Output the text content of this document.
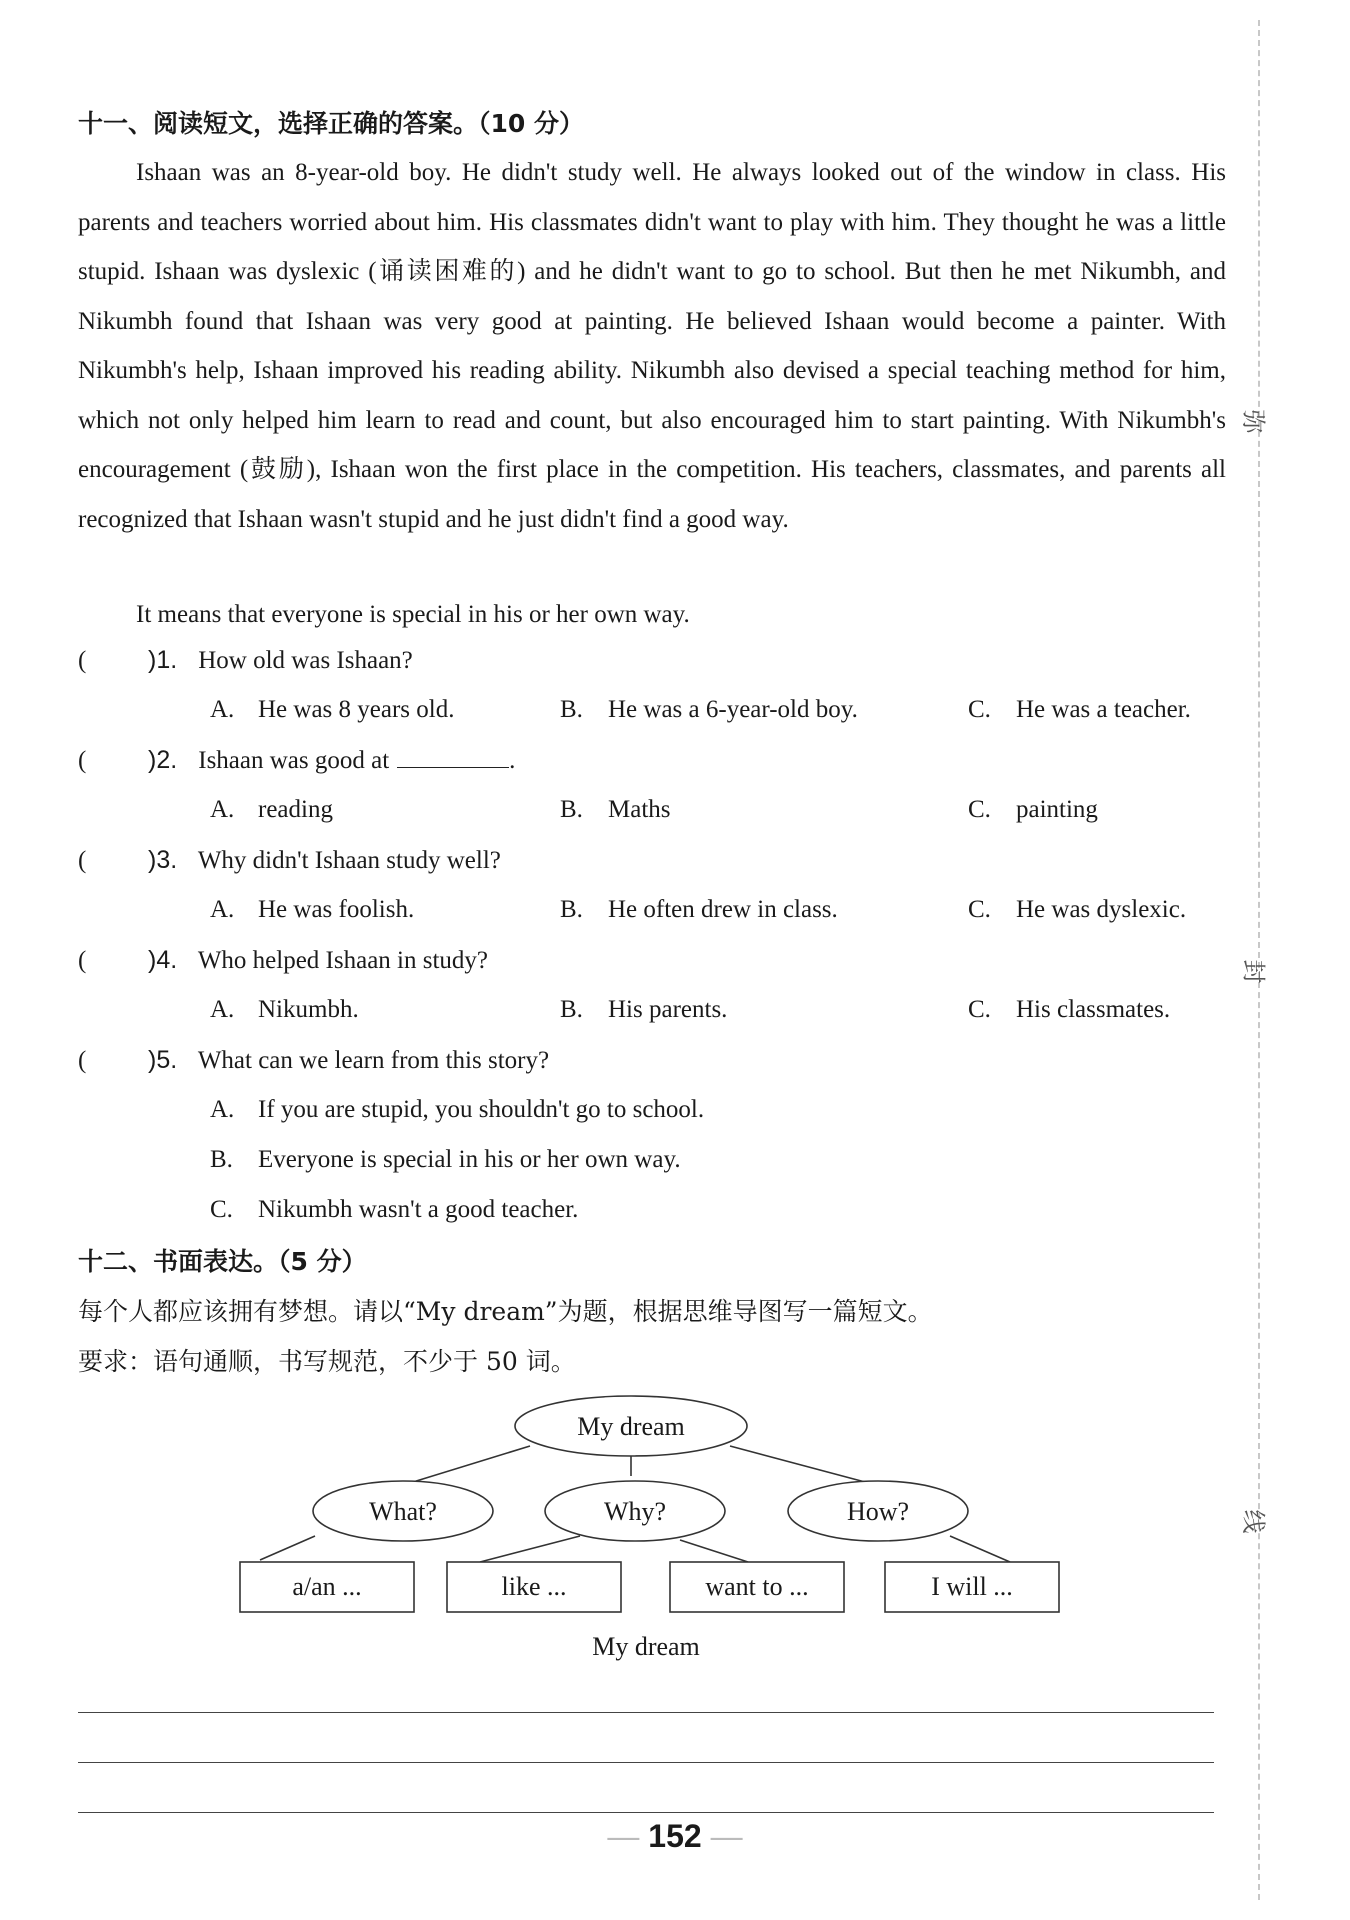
弥
封
线
十一、阅读短文，选择正确的答案。（10 分）

Ishaan was an 8-year-old boy. He didn't study well. He always looked out of the window in class. His parents and teachers worried about him. His classmates didn't want to play with him. They thought he was a little stupid. Ishaan was dyslexic (诵读困难的) and he didn't want to go to school. But then he met Nikumbh, and Nikumbh found that Ishaan was very good at painting. He believed Ishaan would become a painter. With Nikumbh's help, Ishaan improved his reading ability. Nikumbh also devised a special teaching method for him, which not only helped him learn to read and count, but also encouraged him to start painting. With Nikumbh's encouragement (鼓励), Ishaan won the first place in the competition. His teachers, classmates, and parents all recognized that Ishaan wasn't stupid and he just didn't find a good way.

It means that everyone is special in his or her own way.

( )1. How old was Ishaan?
A. He was 8 years old.	B. He was a 6-year-old boy.	C. He was a teacher.
( )2. Ishaan was good at	.
A. reading	B. Maths	C. painting
( )3. Why didn't Ishaan study well?
A. He was foolish.	B. He often drew in class.	C. He was dyslexic.
( )4. Who helped Ishaan in study?
A. Nikumbh.	B. His parents.	C. His classmates.
( )5. What can we learn from this story?
A. If you are stupid, you shouldn't go to school.
B. Everyone is special in his or her own way.
C. Nikumbh wasn't a good teacher.
十二、书面表达。（5 分）
每个人都应该拥有梦想。请以“My dream”为题，根据思维导图写一篇短文。
要求：语句通顺，书写规范，不少于 50 词。
My dream
What?	Why?	How?
a/an ...	like ...	want to ...	I will ...
My dream
— 152 —
